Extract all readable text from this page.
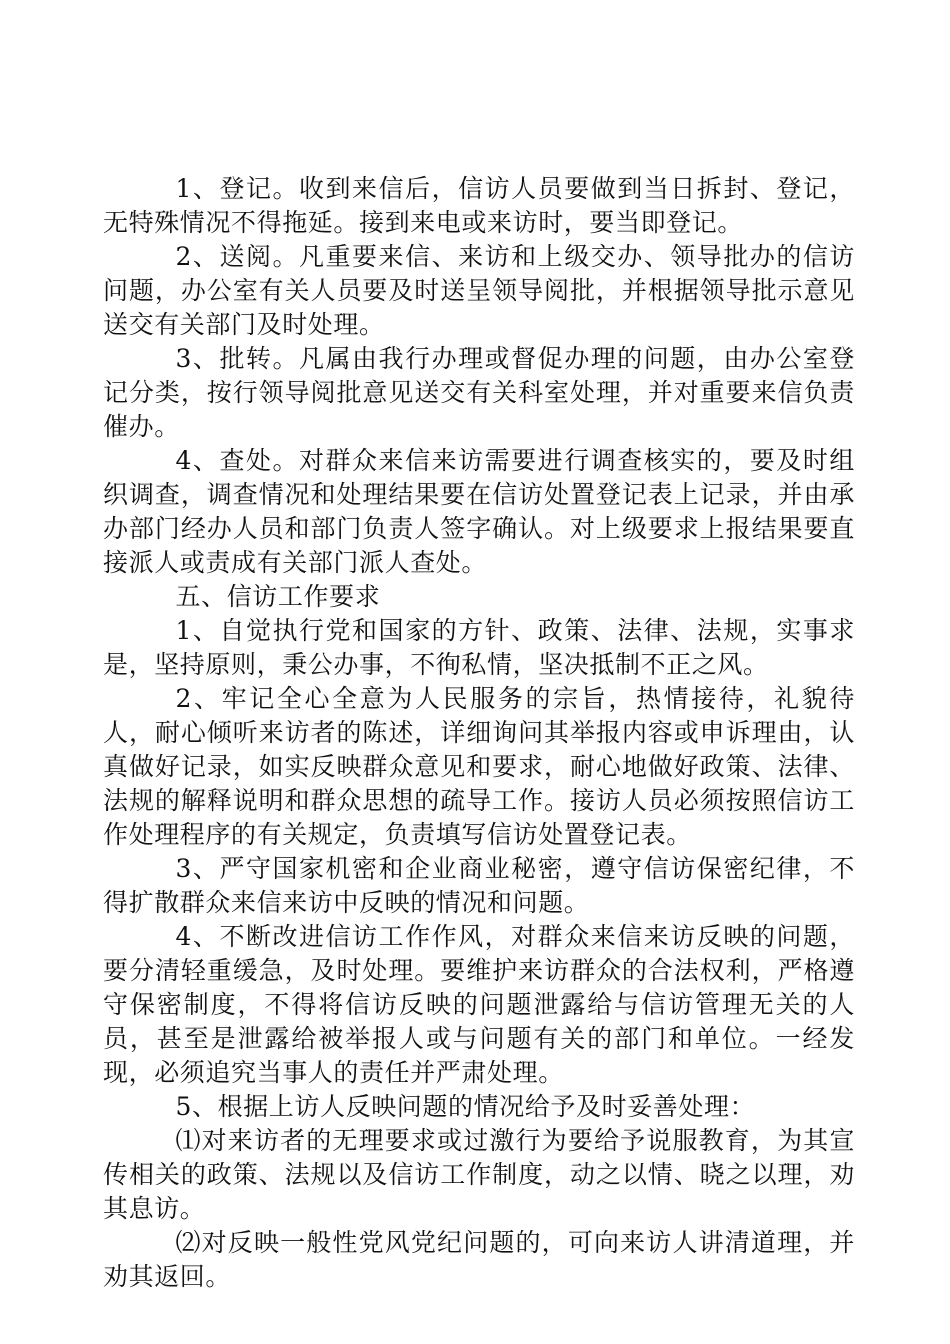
1、登记。收到来信后，信访人员要做到当日拆封、登记，无特殊情况不得拖延。接到来电或来访时，要当即登记。

2、送阅。凡重要来信、来访和上级交办、领导批办的信访问题，办公室有关人员要及时送呈领导阅批，并根据领导批示意见送交有关部门及时处理。

3、批转。凡属由我行办理或督促办理的问题，由办公室登记分类，按行领导阅批意见送交有关科室处理，并对重要来信负责催办。

4、查处。对群众来信来访需要进行调查核实的，要及时组织调查，调查情况和处理结果要在信访处置登记表上记录，并由承办部门经办人员和部门负责人签字确认。对上级要求上报结果要直接派人或责成有关部门派人查处。

五、信访工作要求

1、自觉执行党和国家的方针、政策、法律、法规，实事求是，坚持原则，秉公办事，不徇私情，坚决抵制不正之风。

2、牢记全心全意为人民服务的宗旨，热情接待，礼貌待人，耐心倾听来访者的陈述，详细询问其举报内容或申诉理由，认真做好记录，如实反映群众意见和要求，耐心地做好政策、法律、法规的解释说明和群众思想的疏导工作。接访人员必须按照信访工作处理程序的有关规定，负责填写信访处置登记表。

3、严守国家机密和企业商业秘密，遵守信访保密纪律，不得扩散群众来信来访中反映的情况和问题。

4、不断改进信访工作作风，对群众来信来访反映的问题，要分清轻重缓急，及时处理。要维护来访群众的合法权利，严格遵守保密制度，不得将信访反映的问题泄露给与信访管理无关的人员，甚至是泄露给被举报人或与问题有关的部门和单位。一经发现，必须追究当事人的责任并严肃处理。

5、根据上访人反映问题的情况给予及时妥善处理：

⑴对来访者的无理要求或过激行为要给予说服教育，为其宣传相关的政策、法规以及信访工作制度，动之以情、晓之以理，劝其息访。

⑵对反映一般性党风党纪问题的，可向来访人讲清道理，并劝其返回。
